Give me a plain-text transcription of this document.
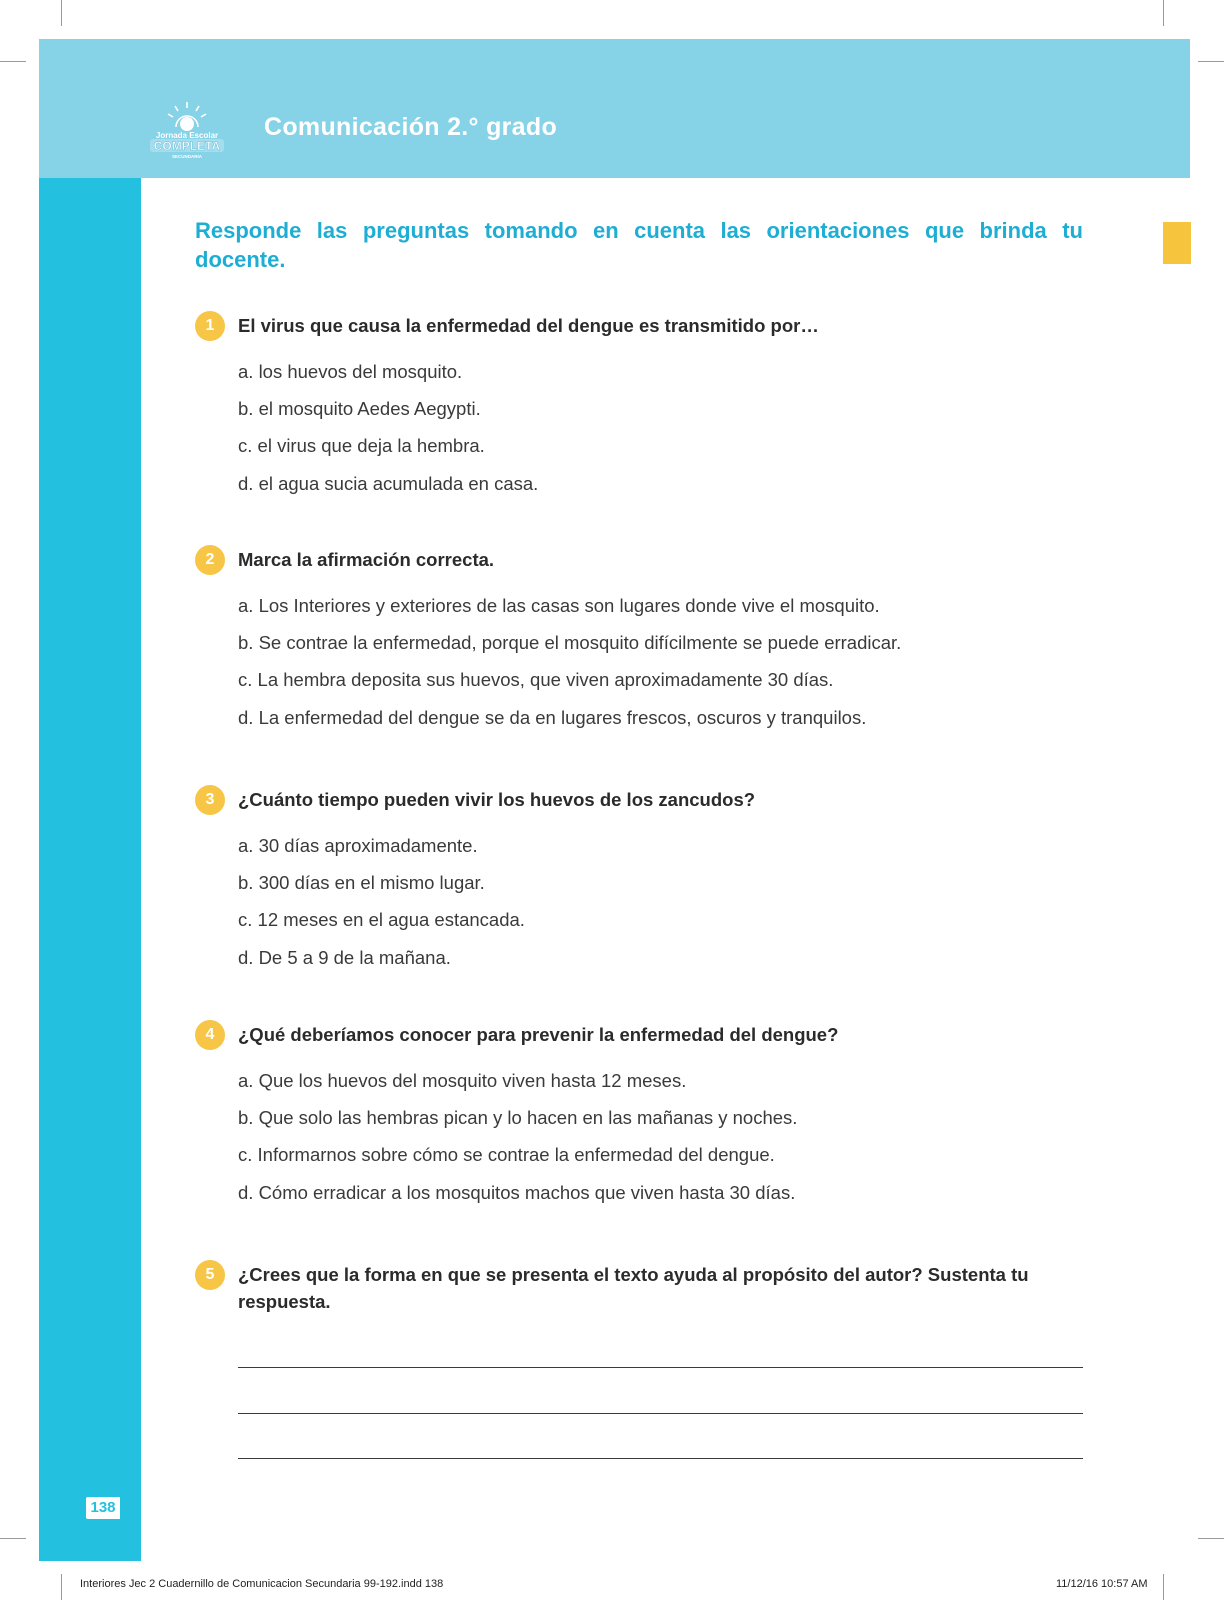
Jornada Escolar
COMPLETA
SECUNDARIA
Comunicación 2.° grado
Responde las preguntas tomando en cuenta las orientaciones que brinda tu docente.
1	El virus que causa la enfermedad del dengue es transmitido por…
a. los huevos del mosquito.
b. el mosquito Aedes Aegypti.
c. el virus que deja la hembra.
d. el agua sucia acumulada en casa.
2	Marca la afirmación correcta.
a. Los Interiores y exteriores de las casas son lugares donde vive el mosquito.
b. Se contrae la enfermedad, porque el mosquito difícilmente se puede erradicar.
c. La hembra deposita sus huevos, que viven aproximadamente 30 días.
d. La enfermedad del dengue se da en lugares frescos, oscuros y tranquilos.
3	¿Cuánto tiempo pueden vivir los huevos de los zancudos?
a. 30 días aproximadamente.
b. 300 días en el mismo lugar.
c. 12 meses en el agua estancada.
d. De 5 a 9 de la mañana.
4	¿Qué deberíamos conocer para prevenir la enfermedad del dengue?
a. Que los huevos del mosquito viven hasta 12 meses.
b. Que solo las hembras pican y lo hacen en las mañanas y noches.
c. Informarnos sobre cómo se contrae la enfermedad del dengue.
d. Cómo erradicar a los mosquitos machos que viven hasta 30 días.
5	¿Crees que la forma en que se presenta el texto ayuda al propósito del autor? Sustenta tu respuesta.
138
Interiores Jec 2 Cuadernillo de Comunicacion Secundaria 99-192.indd 138	11/12/16 10:57 AM
